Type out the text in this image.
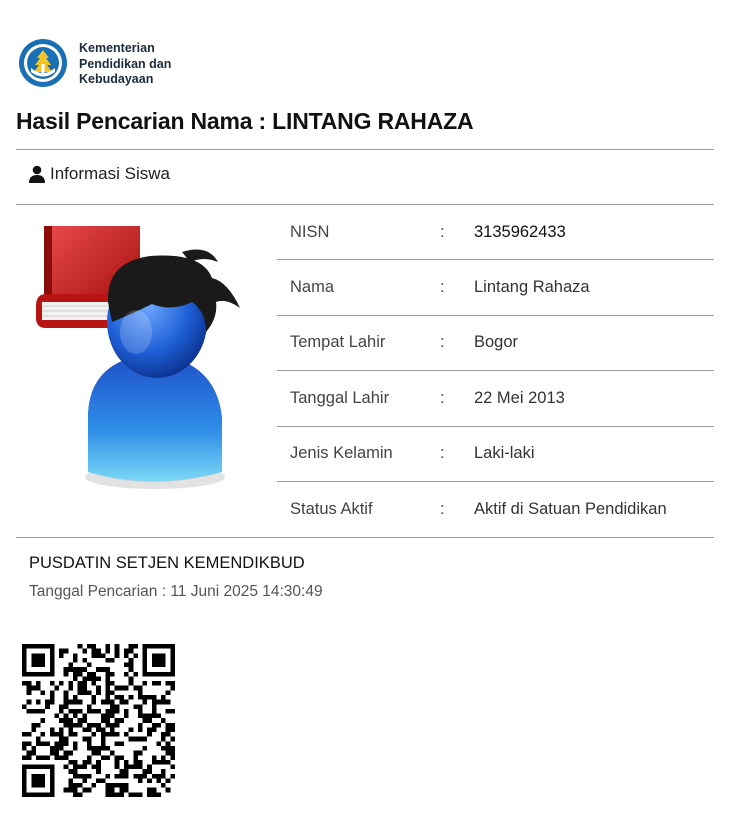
Kementerian
Pendidikan dan
Kebudayaan
Hasil Pencarian Nama : LINTANG RAHAZA
Informasi Siswa
NISN	:	3135962433
Nama	:	Lintang Rahaza
Tempat Lahir	:	Bogor
Tanggal Lahir	:	22 Mei 2013
Jenis Kelamin	:	Laki-laki
Status Aktif	:	Aktif di Satuan Pendidikan
PUSDATIN SETJEN KEMENDIKBUD
Tanggal Pencarian : 11 Juni 2025 14:30:49
